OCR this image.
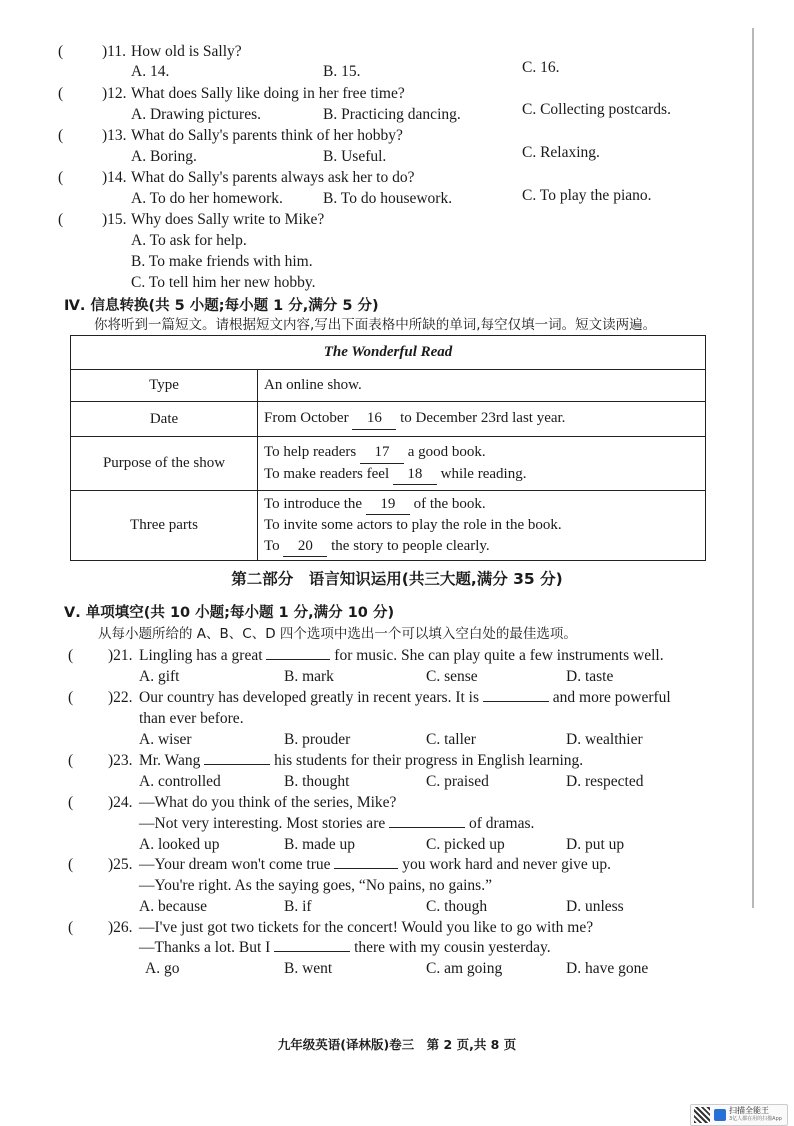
(	)11. How old is Sally?
A. 14.	B. 15.	C. 16.
(	)12. What does Sally like doing in her free time?
A. Drawing pictures.	B. Practicing dancing.	C. Collecting postcards.
(	)13. What do Sally's parents think of her hobby?
A. Boring.	B. Useful.	C. Relaxing.
(	)14. What do Sally's parents always ask her to do?
A. To do her homework.	B. To do housework.	C. To play the piano.
(	)15. Why does Sally write to Mike?
A. To ask for help.
B. To make friends with him.
C. To tell him her new hobby.
Ⅳ. 信息转换(共 5 小题;每小题 1 分,满分 5 分)
你将听到一篇短文。请根据短文内容,写出下面表格中所缺的单词,每空仅填一词。短文读两遍。
The Wonderful Read	
Type	An online show.
Date	From October 16 to December 23rd last year.
Purpose of the show	To help readers 17 a good book.
To make readers feel 18 while reading.

Three parts	To introduce the 19 of the book.
To invite some actors to play the role in the book.
To 20 the story to people clearly.
第二部分　语言知识运用(共三大题,满分 35 分)
Ⅴ. 单项填空(共 10 小题;每小题 1 分,满分 10 分)
从每小题所给的 A、B、C、D 四个选项中选出一个可以填入空白处的最佳选项。
( )21. Lingling has a great	for music. She can play quite a few instruments well.
A. gift	B. mark	C. sense	D. taste
( )22. Our country has developed greatly in recent years. It is	and more powerful
than ever before.
A. wiser	B. prouder	C. taller	D. wealthier
( )23. Mr. Wang	his students for their progress in English learning.
A. controlled	B. thought	C. praised	D. respected
( )24. —What do you think of the series, Mike?
—Not very interesting. Most stories are	of dramas.
A. looked up	B. made up	C. picked up	D. put up
( )25. —Your dream won't come true	you work hard and never give up.
—You're right. As the saying goes, “No pains, no gains.”
A. because	B. if	C. though	D. unless
( )26. —I've just got two tickets for the concert! Would you like to go with me?
—Thanks a lot. But I	there with my cousin yesterday.
A. go	B. went	C. am going	D. have gone
九年级英语(译林版)卷三　第 2 页,共 8 页
扫描全能王
3亿人都在用的扫描App
